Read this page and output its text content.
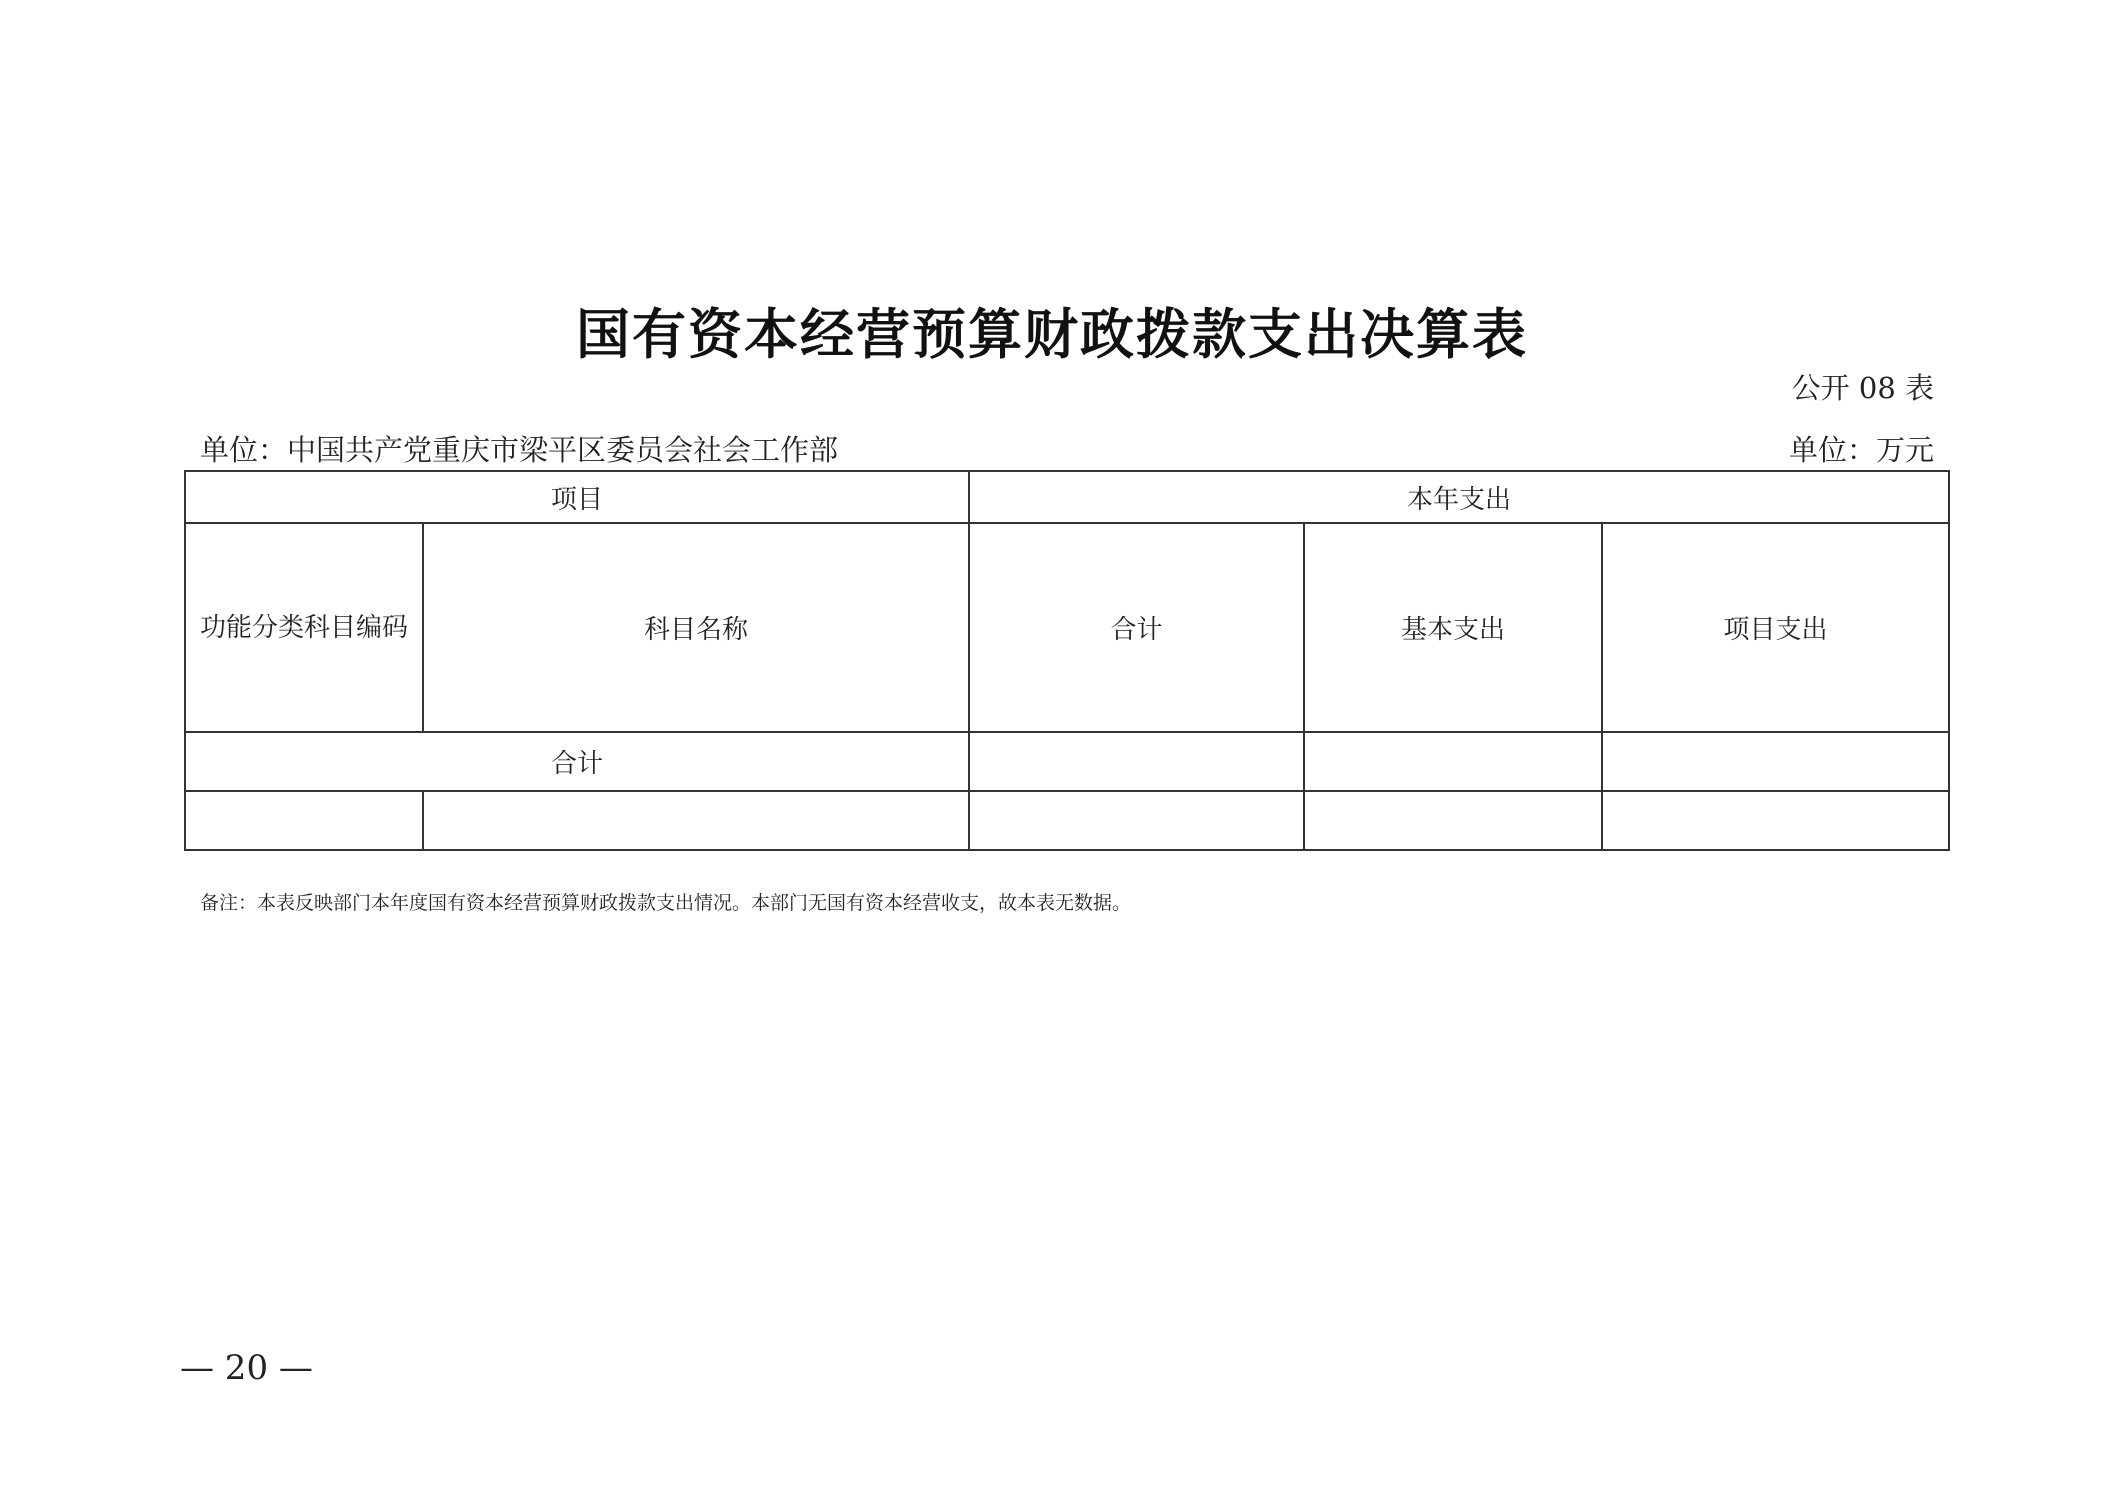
国有资本经营预算财政拨款支出决算表
公开 08 表
单位：中国共产党重庆市梁平区委员会社会工作部	单位：万元
项目		本年支出		
功能分类科目编码	科目名称	合计	基本支出	项目支出
合计				

备注：本表反映部门本年度国有资本经营预算财政拨款支出情况。本部门无国有资本经营收支，故本表无数据。
— 20 —
